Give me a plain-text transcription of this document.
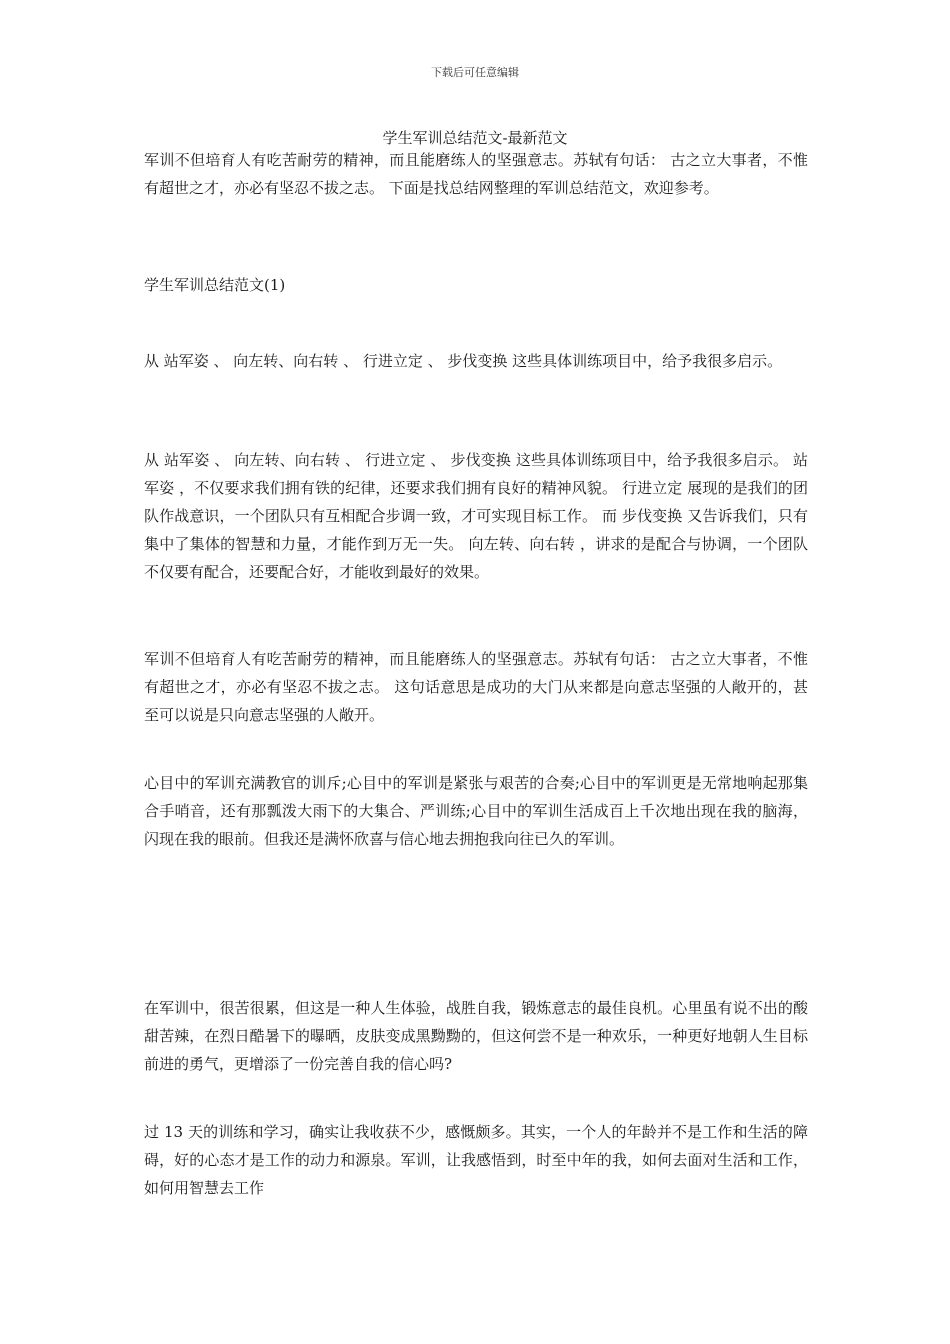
下载后可任意编辑
学生军训总结范文-最新范文

军训不但培育人有吃苦耐劳的精神，而且能磨练人的坚强意志。苏轼有句话： 古之立大事者，不惟有超世之才，亦必有坚忍不拔之志。 下面是找总结网整理的军训总结范文，欢迎参考。

学生军训总结范文(1)

从 站军姿 、 向左转、向右转 、 行进立定 、 步伐变换 这些具体训练项目中，给予我很多启示。

从 站军姿 、 向左转、向右转 、 行进立定 、 步伐变换 这些具体训练项目中，给予我很多启示。 站军姿 ，不仅要求我们拥有铁的纪律，还要求我们拥有良好的精神风貌。 行进立定 展现的是我们的团队作战意识，一个团队只有互相配合步调一致，才可实现目标工作。 而 步伐变换 又告诉我们，只有集中了集体的智慧和力量，才能作到万无一失。 向左转、向右转 ，讲求的是配合与协调，一个团队不仅要有配合，还要配合好，才能收到最好的效果。

军训不但培育人有吃苦耐劳的精神，而且能磨练人的坚强意志。苏轼有句话： 古之立大事者，不惟有超世之才，亦必有坚忍不拔之志。 这句话意思是成功的大门从来都是向意志坚强的人敞开的，甚至可以说是只向意志坚强的人敞开。

心目中的军训充满教官的训斥;心目中的军训是紧张与艰苦的合奏;心目中的军训更是无常地响起那集合手哨音，还有那瓢泼大雨下的大集合、严训练;心目中的军训生活成百上千次地出现在我的脑海，闪现在我的眼前。但我还是满怀欣喜与信心地去拥抱我向往已久的军训。

在军训中，很苦很累，但这是一种人生体验，战胜自我，锻炼意志的最佳良机。心里虽有说不出的酸甜苦辣，在烈日酷暑下的曝晒，皮肤变成黑黝黝的，但这何尝不是一种欢乐，一种更好地朝人生目标前进的勇气，更增添了一份完善自我的信心吗?

过 13 天的训练和学习，确实让我收获不少，感慨颇多。其实，一个人的年龄并不是工作和生活的障碍，好的心态才是工作的动力和源泉。军训，让我感悟到，时至中年的我，如何去面对生活和工作，如何用智慧去工作
